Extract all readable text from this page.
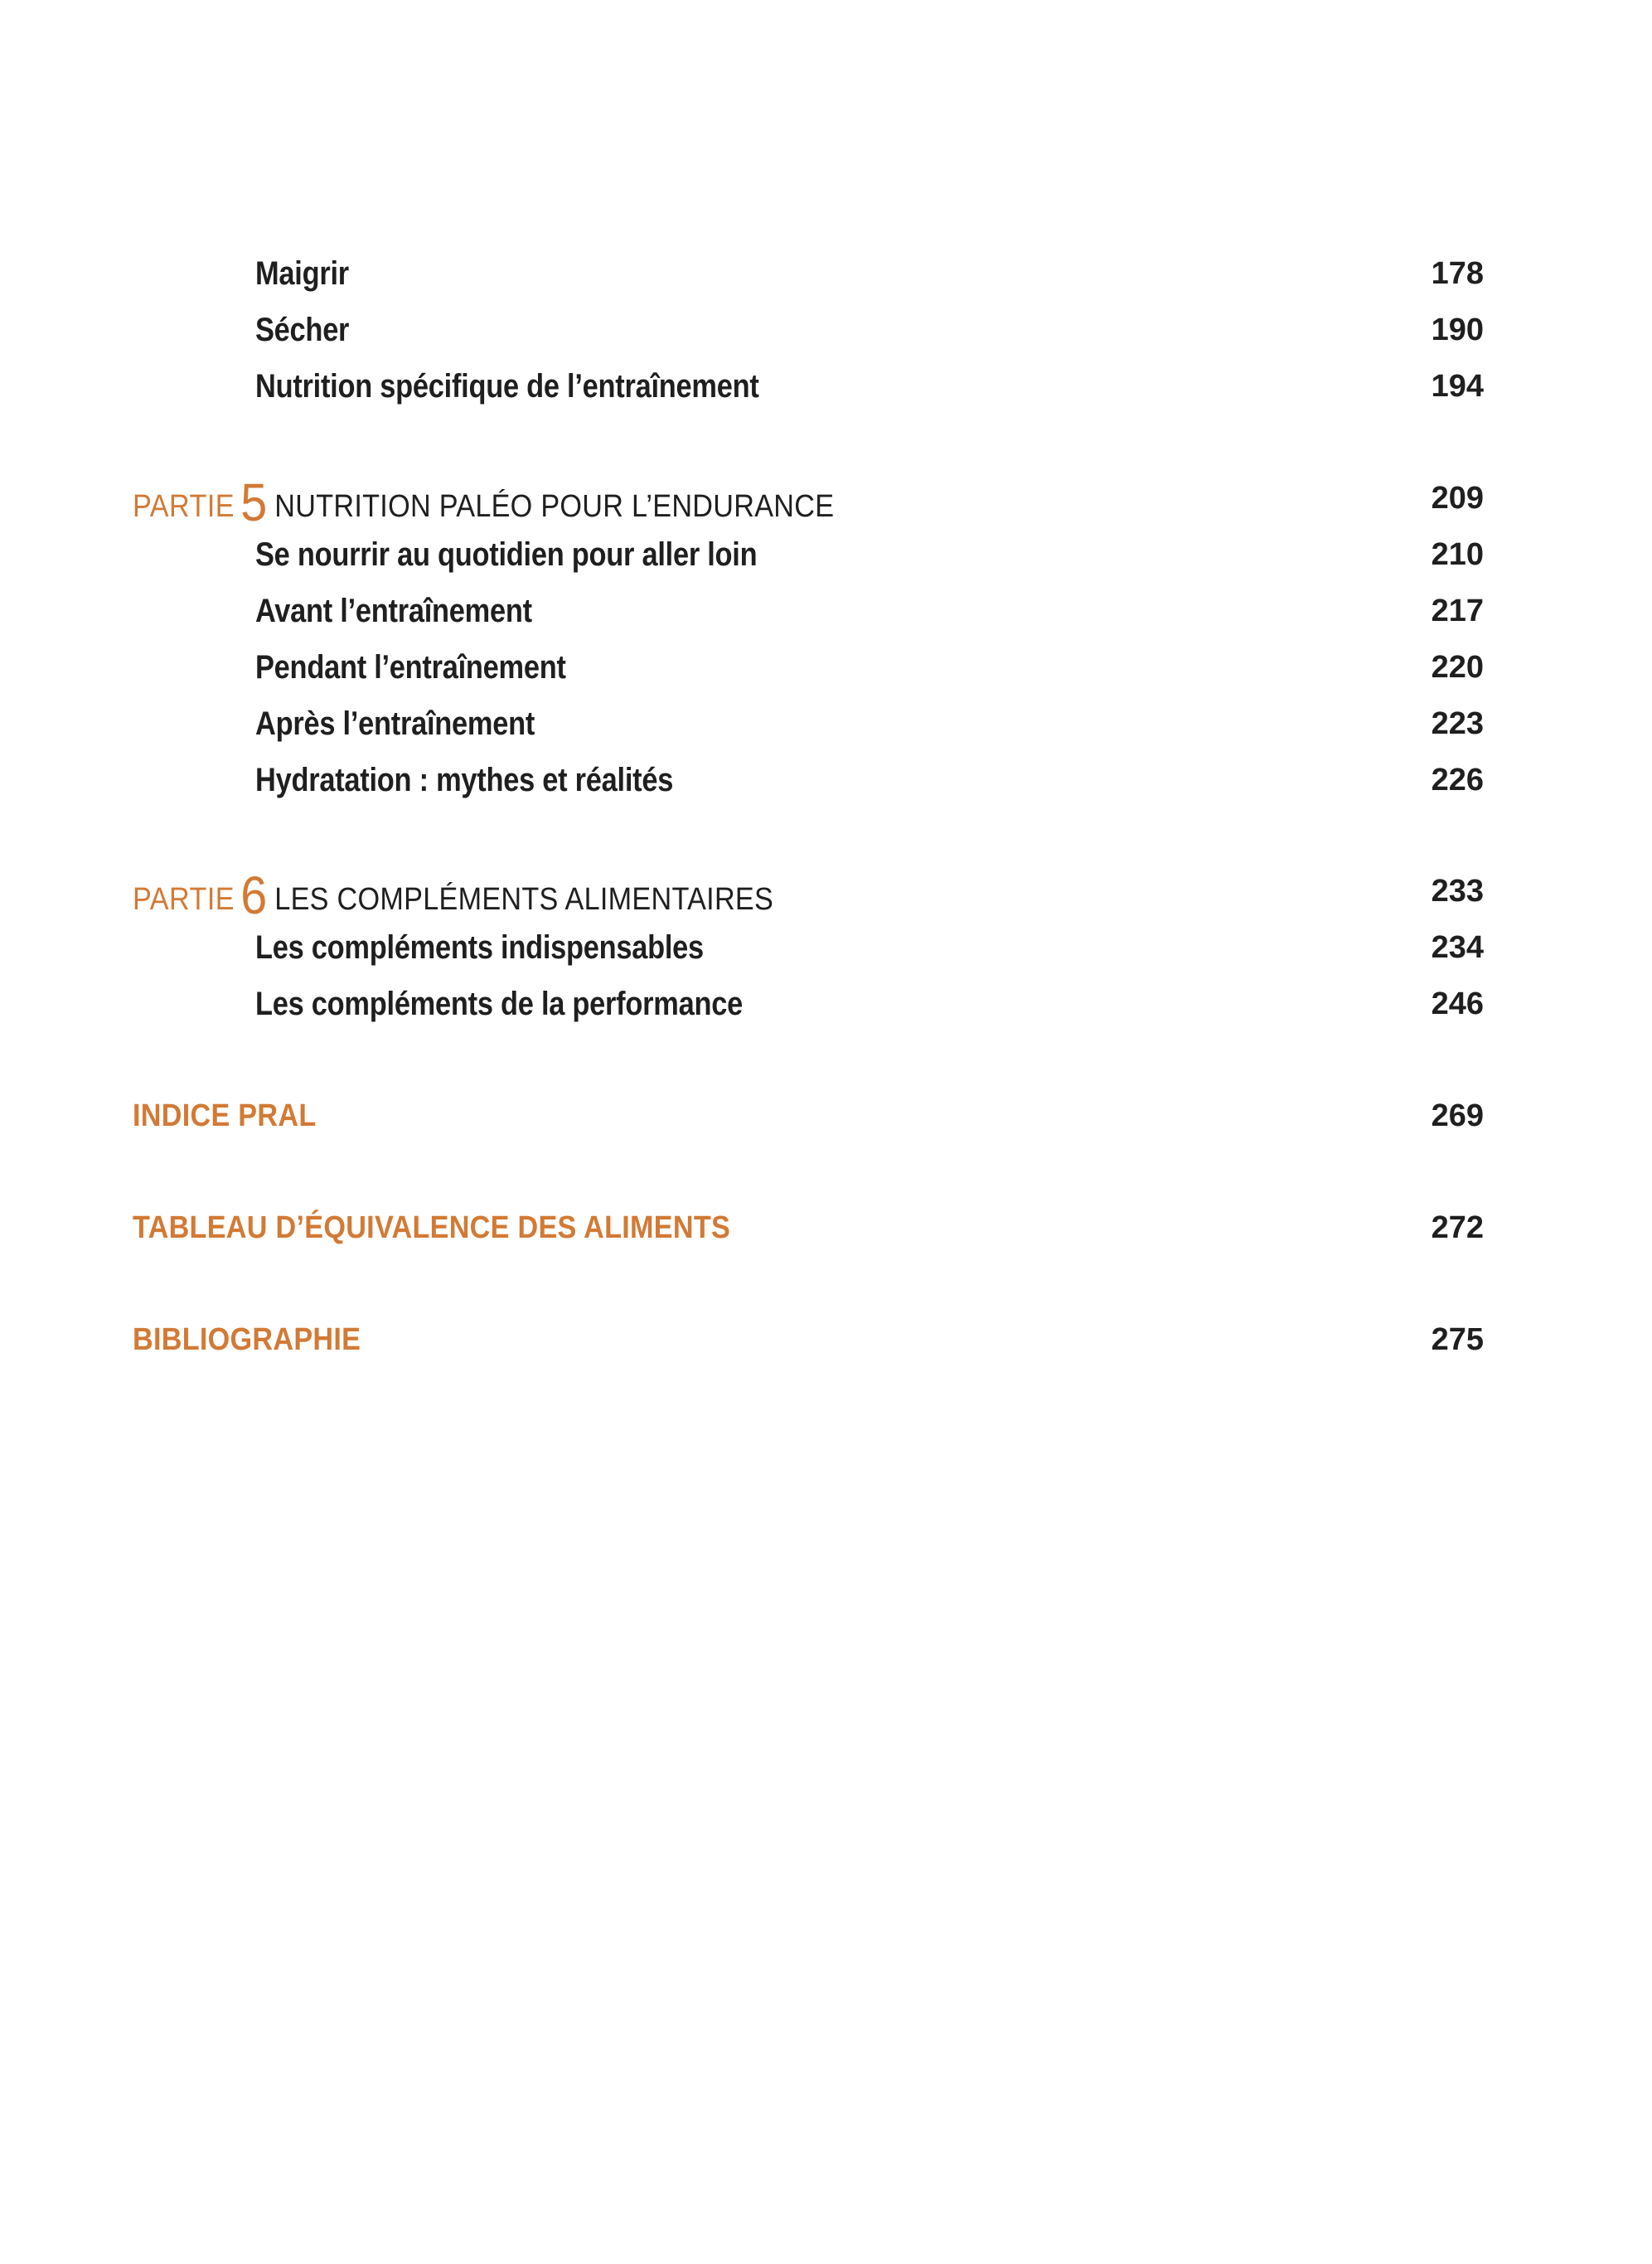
Maigrir	178
Sécher	190
Nutrition spécifique de l’entraînement	194
PARTIE 5 NUTRITION PALÉO POUR L’ENDURANCE	209
Se nourrir au quotidien pour aller loin	210
Avant l’entraînement	217
Pendant l’entraînement	220
Après l’entraînement	223
Hydratation : mythes et réalités	226
PARTIE 6 LES COMPLÉMENTS ALIMENTAIRES	233
Les compléments indispensables	234
Les compléments de la performance	246
INDICE PRAL	269
TABLEAU D’ÉQUIVALENCE DES ALIMENTS	272
BIBLIOGRAPHIE	275
